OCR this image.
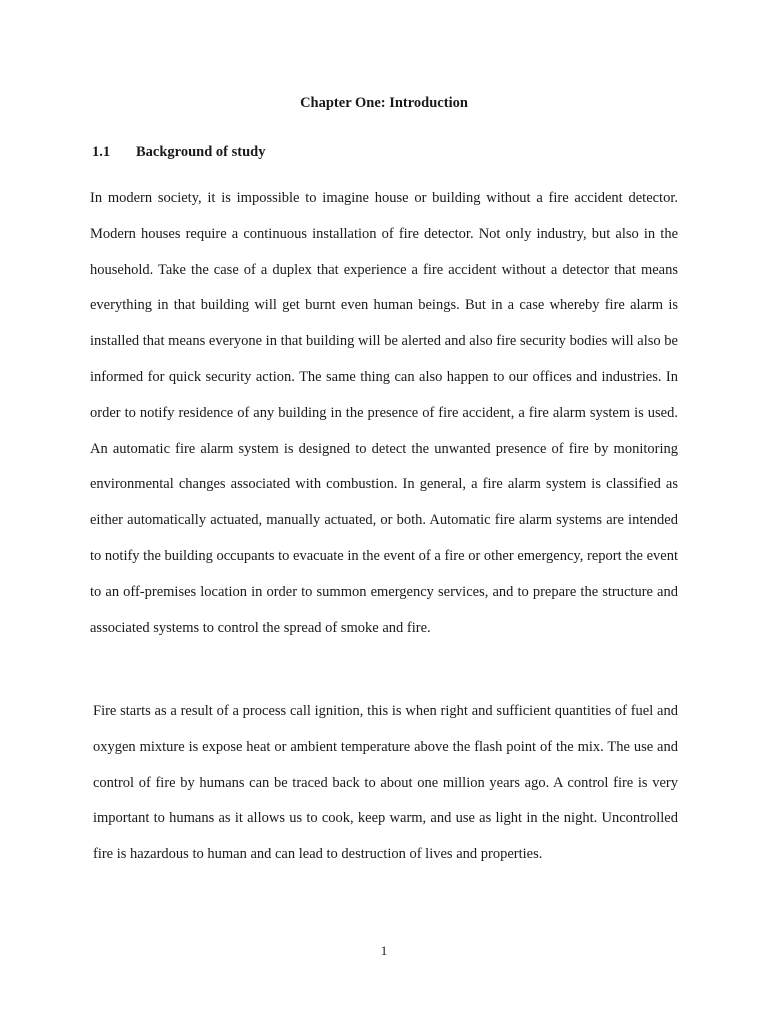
Chapter One: Introduction
1.1 Background of study

In modern society, it is impossible to imagine house or building without a fire accident detector. Modern houses require a continuous installation of fire detector. Not only industry, but also in the household. Take the case of a duplex that experience a fire accident without a detector that means everything in that building will get burnt even human beings. But in a case whereby fire alarm is installed that means everyone in that building will be alerted and also fire security bodies will also be informed for quick security action. The same thing can also happen to our offices and industries. In order to notify residence of any building in the presence of fire accident, a fire alarm system is used. An automatic fire alarm system is designed to detect the unwanted presence of fire by monitoring environmental changes associated with combustion. In general, a fire alarm system is classified as either automatically actuated, manually actuated, or both. Automatic fire alarm systems are intended to notify the building occupants to evacuate in the event of a fire or other emergency, report the event to an off-premises location in order to summon emergency services, and to prepare the structure and associated systems to control the spread of smoke and fire.

Fire starts as a result of a process call ignition, this is when right and sufficient quantities of fuel and oxygen mixture is expose heat or ambient temperature above the flash point of the mix. The use and control of fire by humans can be traced back to about one million years ago. A control fire is very important to humans as it allows us to cook, keep warm, and use as light in the night. Uncontrolled fire is hazardous to human and can lead to destruction of lives and properties.

1
